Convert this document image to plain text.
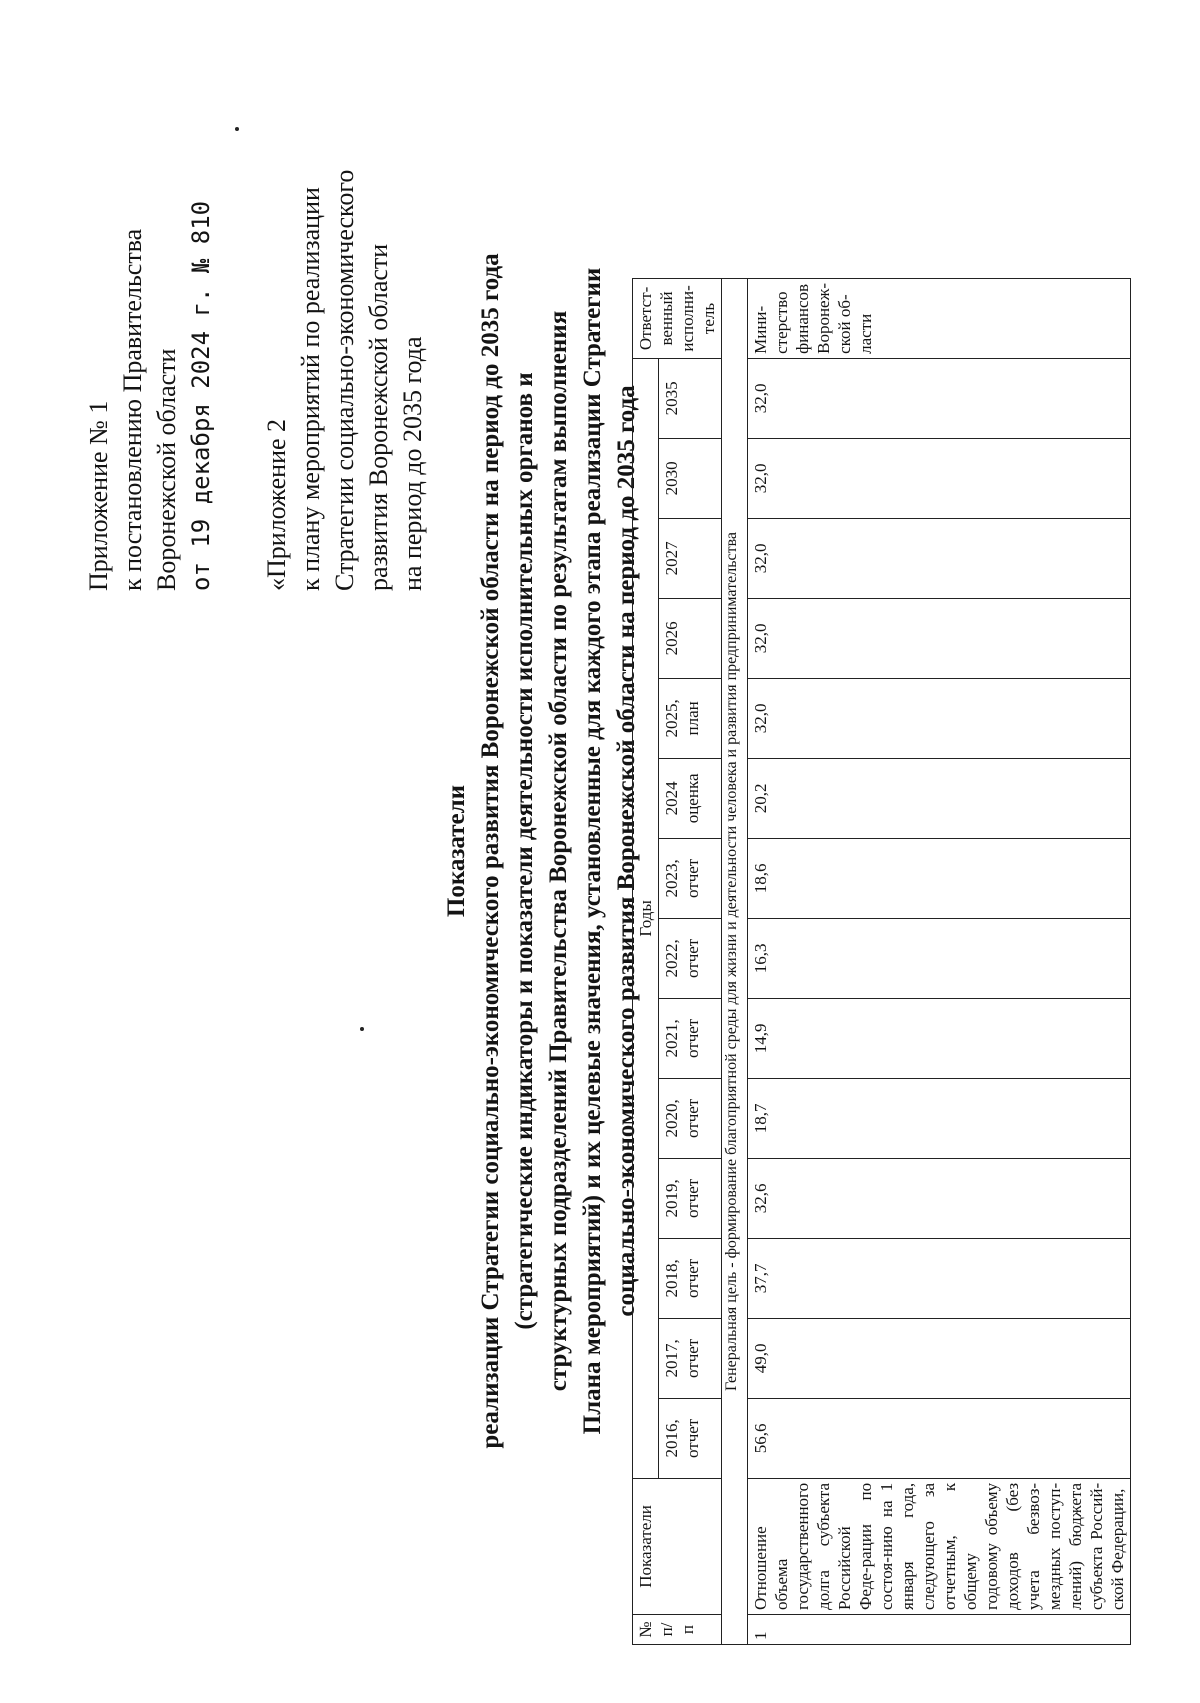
Приложение № 1 к постановлению Правительства Воронежской области от 19 декабря 2024 г. № 810 «Приложение 2 к плану мероприятий по реализации Стратегии социально-экономического развития Воронежской области на период до 2035 года
Показатели реализации Стратегии социально-экономического развития Воронежской области на период до 2035 года (стратегические индикаторы и показатели деятельности исполнительных органов и структурных подразделений Правительства Воронежской области по результатам выполнения Плана мероприятий) и их целевые значения, установленные для каждого этапа реализации Стратегии социально-экономического развития Воронежской области на период до 2035 года
№ п/п	Показатели	Годы														Ответст-венный исполни-тель
		2016, отчет	2017, отчет	2018, отчет	2019, отчет	2020, отчет	2021, отчет	2022, отчет	2023, отчет	2024 оценка	2025, план	2026	2027	2030	2035	
Генеральная цель - формирование благоприятной среды для жизни и деятельности человека и развития предпринимательства																
1	Отношение объема государственного долга субъекта Российской Феде-рации по состоя-нию на 1 января года, следующего за отчетным, к общему годовому объему доходов (без учета безвоз-мездных поступ-лений) бюджета субъекта Россий-ской Федерации,	56,6	49,0	37,7	32,6	18,7	14,9	16,3	18,6	20,2	32,0	32,0	32,0	32,0	32,0	Мини-стерство финансов Воронеж-ской об-ласти
